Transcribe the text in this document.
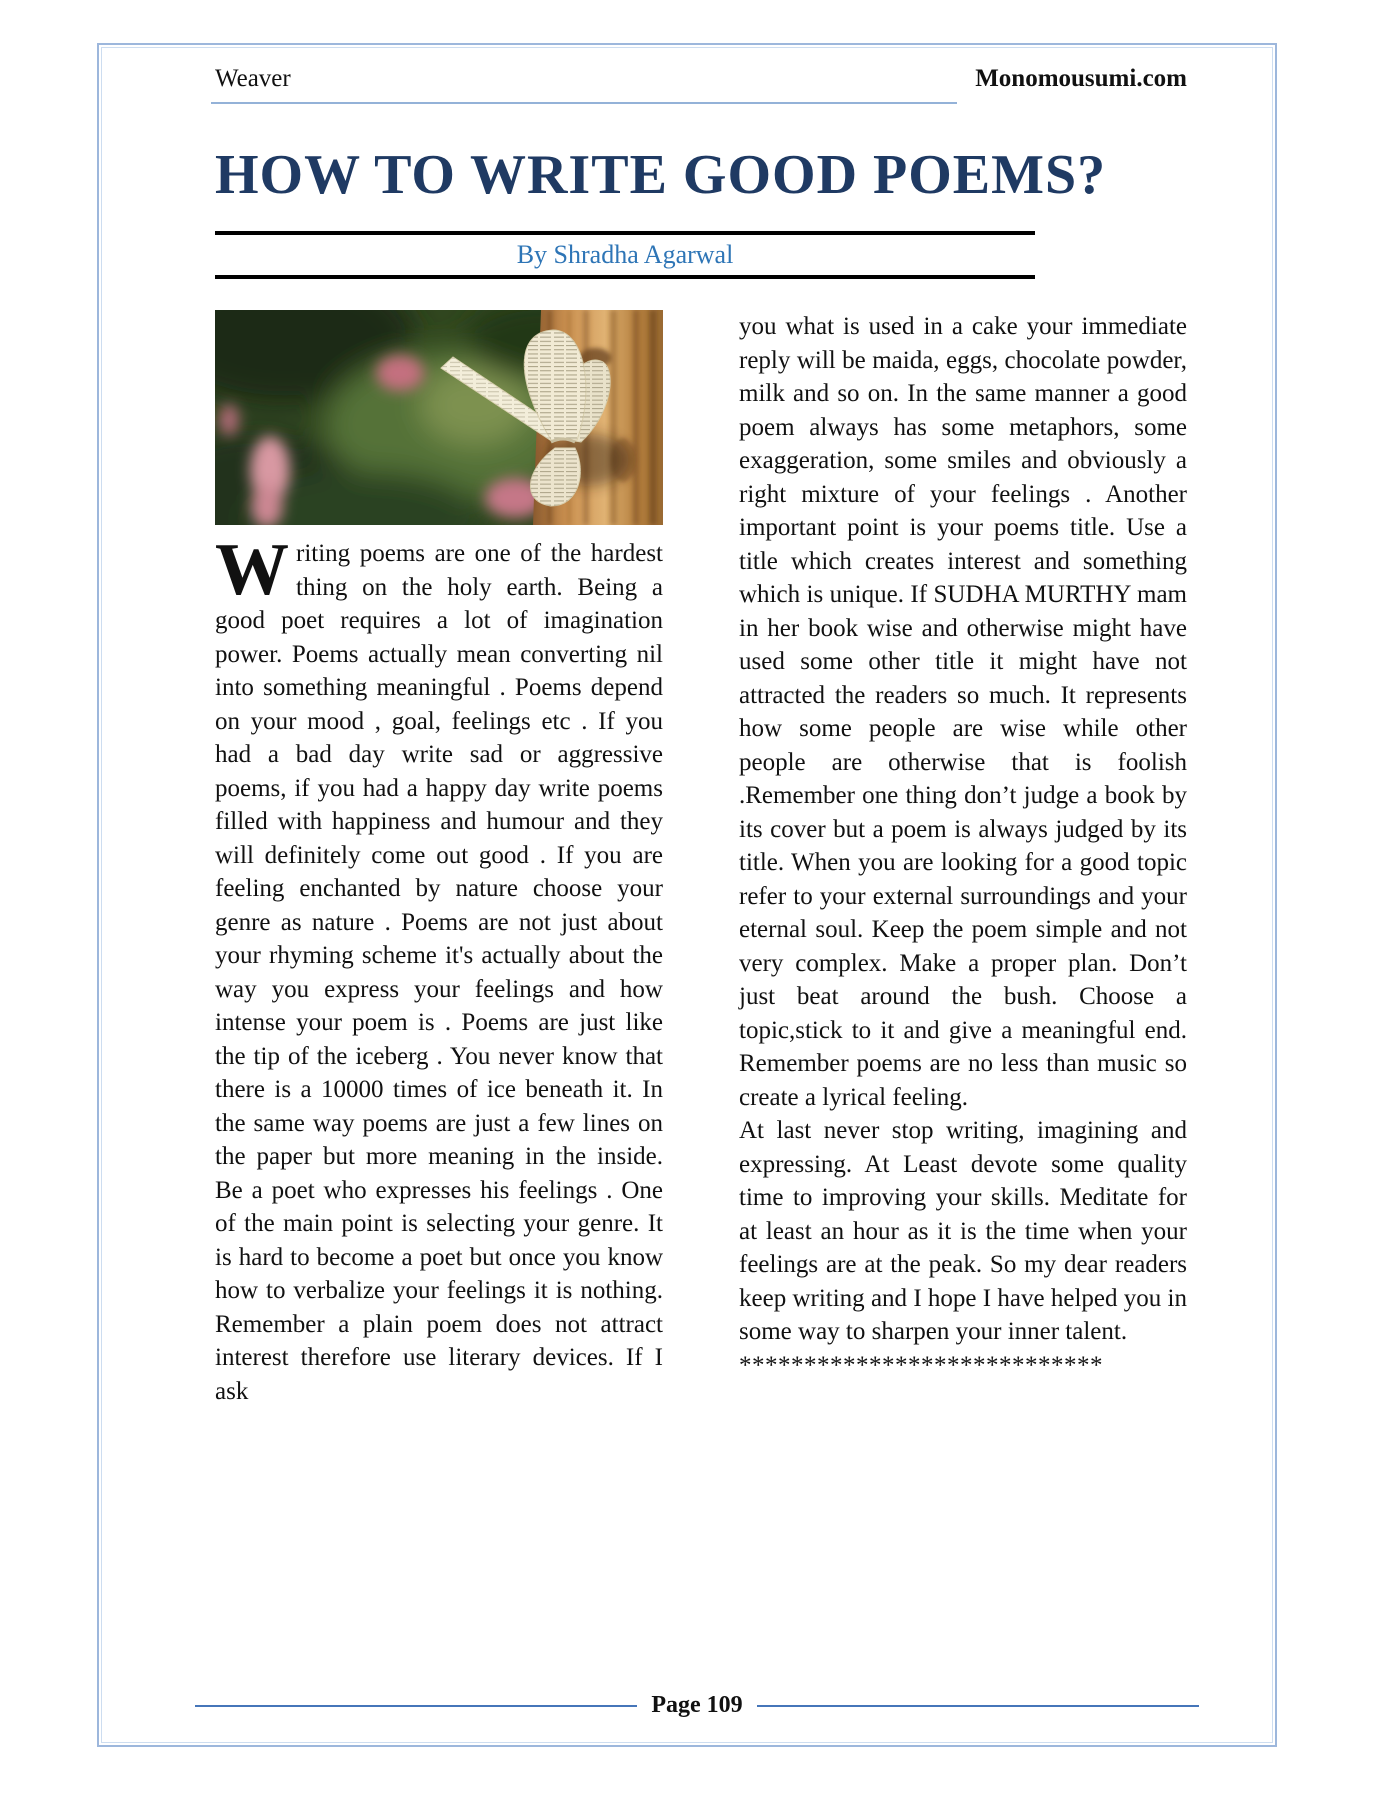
Weaver	Monomousumi.com
HOW TO WRITE GOOD POEMS?
By Shradha Agarwal

Writing poems are one of the hardest thing on the holy earth. Being a good poet requires a lot of imagination power. Poems actually mean converting nil into something meaningful . Poems depend on your mood , goal, feelings etc . If you had a bad day write sad or aggressive poems, if you had a happy day write poems filled with happiness and humour and they will definitely come out good . If you are feeling enchanted by nature choose your genre as nature . Poems are not just about your rhyming scheme it's actually about the way you express your feelings and how intense your poem is . Poems are just like the tip of the iceberg . You never know that there is a 10000 times of ice beneath it. In the same way poems are just a few lines on the paper but more meaning in the inside. Be a poet who expresses his feelings . One of the main point is selecting your genre. It is hard to become a poet but once you know how to verbalize your feelings it is nothing. Remember a plain poem does not attract interest therefore use literary devices. If I ask

you what is used in a cake your immediate reply will be maida, eggs, chocolate powder, milk and so on. In the same manner a good poem always has some metaphors, some exaggeration, some smiles and obviously a right mixture of your feelings . Another important point is your poems title. Use a title which creates interest and something which is unique. If SUDHA MURTHY mam in her book wise and otherwise might have used some other title it might have not attracted the readers so much. It represents how some people are wise while other people are otherwise that is foolish .Remember one thing don’t judge a book by its cover but a poem is always judged by its title. When you are looking for a good topic refer to your external surroundings and your eternal soul. Keep the poem simple and not very complex. Make a proper plan. Don’t just beat around the bush. Choose a topic,stick to it and give a meaningful end. Remember poems are no less than music so create a lyrical feeling.

At last never stop writing, imagining and expressing. At Least devote some quality time to improving your skills. Meditate for at least an hour as it is the time when your feelings are at the peak. So my dear readers keep writing and I hope I have helped you in some way to sharpen your inner talent.

****************************

Page 109
